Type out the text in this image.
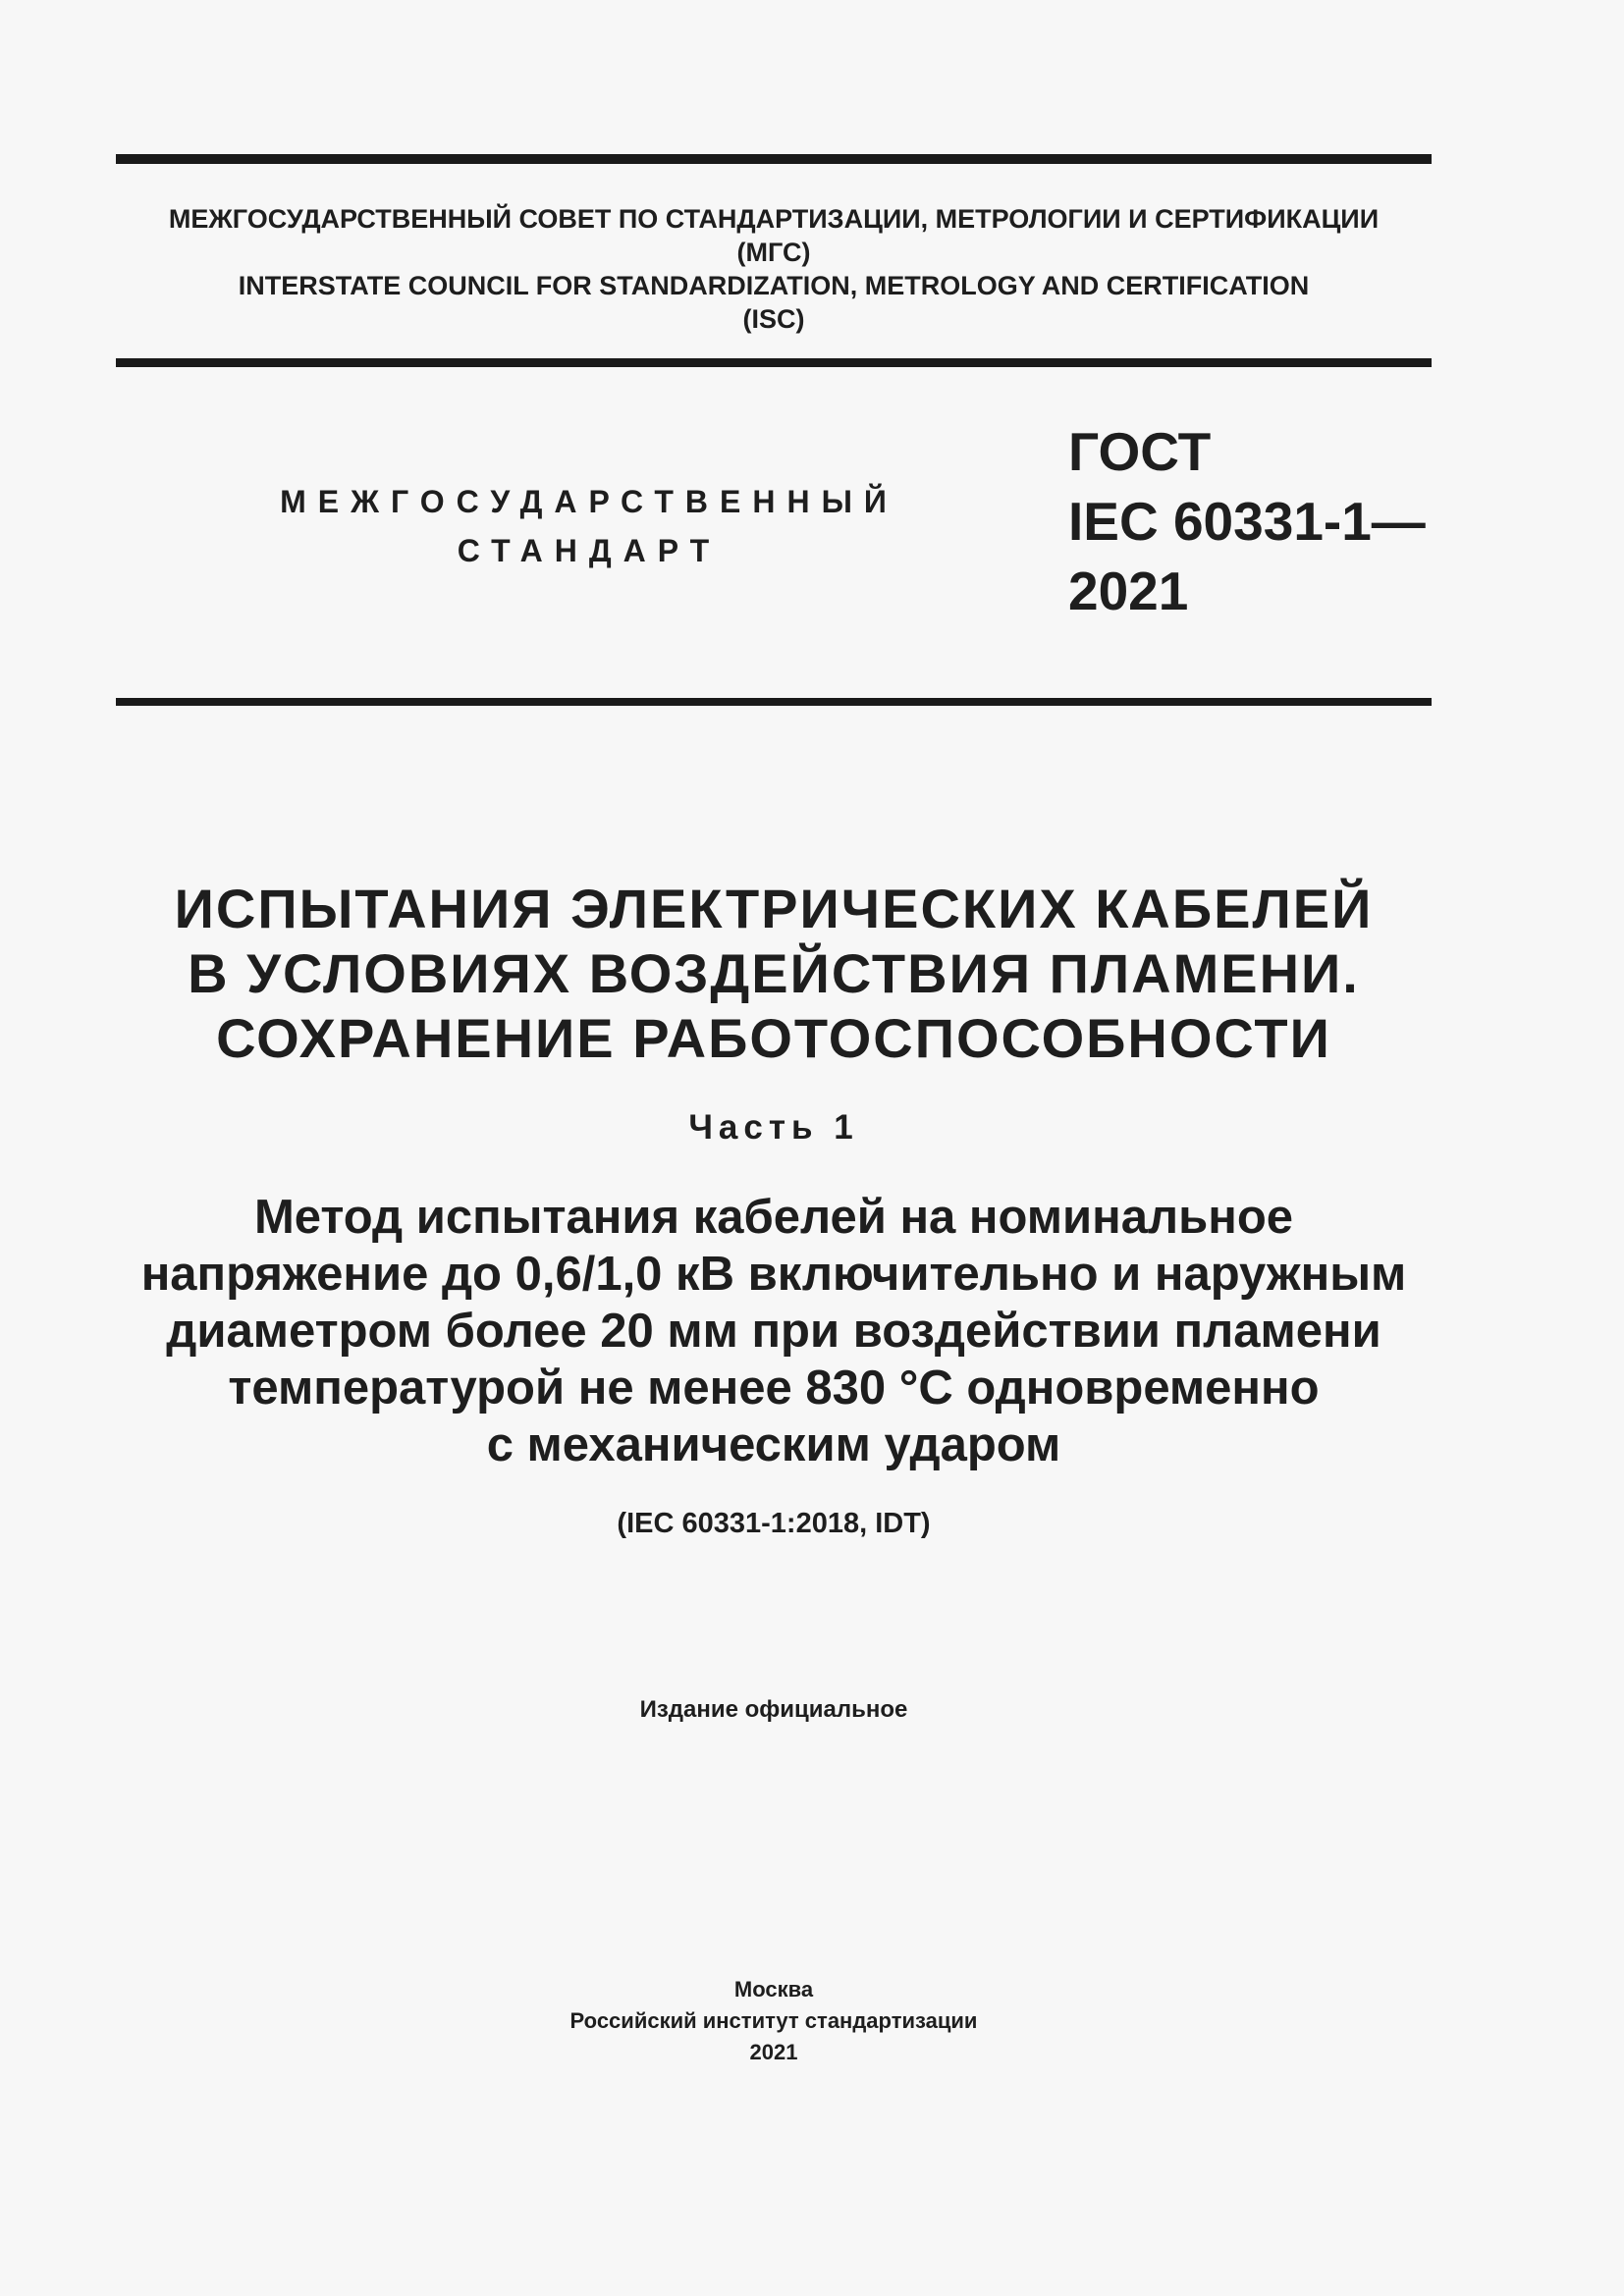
МЕЖГОСУДАРСТВЕННЫЙ СОВЕТ ПО СТАНДАРТИЗАЦИИ, МЕТРОЛОГИИ И СЕРТИФИКАЦИИ
(МГС)
INTERSTATE COUNCIL FOR STANDARDIZATION, METROLOGY AND CERTIFICATION
(ISC)
МЕЖГОСУДАРСТВЕННЫЙ
СТАНДАРТ
ГОСТ
IEC 60331-1—
2021
ИСПЫТАНИЯ ЭЛЕКТРИЧЕСКИХ КАБЕЛЕЙ
В УСЛОВИЯХ ВОЗДЕЙСТВИЯ ПЛАМЕНИ.
СОХРАНЕНИЕ РАБОТОСПОСОБНОСТИ
Часть 1
Метод испытания кабелей на номинальное
напряжение до 0,6/1,0 кВ включительно и наружным
диаметром более 20 мм при воздействии пламени
температурой не менее 830 °С одновременно
с механическим ударом
(IEC 60331-1:2018, IDT)
Издание официальное
Москва
Российский институт стандартизации
2021
